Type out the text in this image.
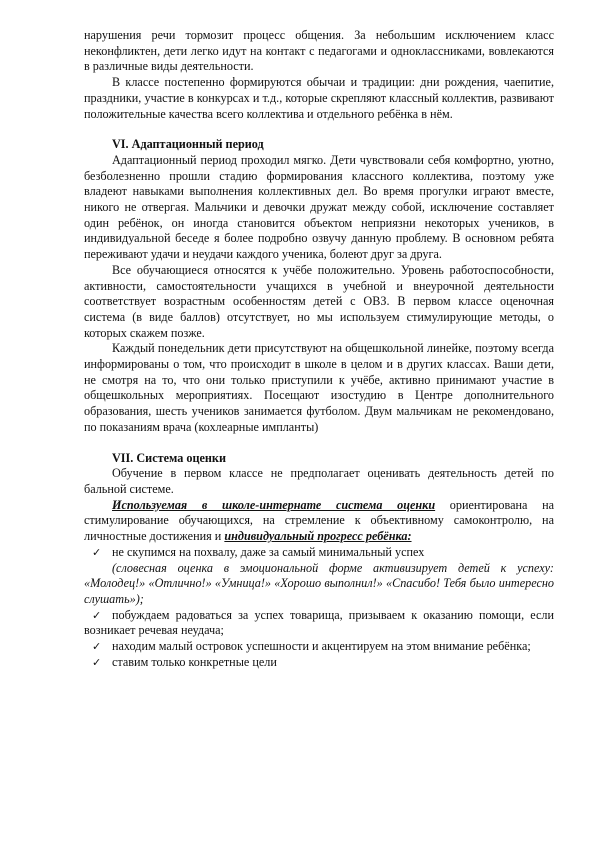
нарушения речи тормозит процесс общения. За небольшим исключением класс неконфликтен, дети легко идут на контакт с педагогами и одноклассниками, вовлекаются в различные виды деятельности.

В классе постепенно формируются обычаи и традиции: дни рождения, чаепитие, праздники, участие в конкурсах и т.д., которые скрепляют классный коллектив, развивают положительные качества всего коллектива и отдельного ребёнка в нём.

VI. Адаптационный период

Адаптационный период проходил мягко. Дети чувствовали себя комфортно, уютно, безболезненно прошли стадию формирования классного коллектива, поэтому уже владеют навыками выполнения коллективных дел. Во время прогулки играют вместе, никого не отвергая. Мальчики и девочки дружат между собой, исключение составляет один ребёнок, он иногда становится объектом неприязни некоторых учеников, в индивидуальной беседе я более подробно озвучу данную проблему. В основном ребята переживают удачи и неудачи каждого ученика, болеют друг за друга.

Все обучающиеся относятся к учёбе положительно. Уровень работоспособности, активности, самостоятельности учащихся в учебной и внеурочной деятельности соответствует возрастным особенностям детей с ОВЗ. В первом классе оценочная система (в виде баллов) отсутствует, но мы используем стимулирующие методы, о которых скажем позже.

Каждый понедельник дети присутствуют на общешкольной линейке, поэтому всегда информированы о том, что происходит в школе в целом и в других классах. Ваши дети, не смотря на то, что они только приступили к учёбе, активно принимают участие в общешкольных мероприятиях. Посещают изостудию в Центре дополнительного образования, шесть учеников занимается футболом. Двум мальчикам не рекомендовано, по показаниям врача (кохлеарные импланты)

VII. Система оценки

Обучение в первом классе не предполагает оценивать деятельность детей по бальной системе.

Используемая в школе-интернате система оценки ориентирована на стимулирование обучающихся, на стремление к объективному самоконтролю, на личностные достижения и индивидуальный прогресс ребёнка:

✓ не скупимся на похвалу, даже за самый минимальный успех

(словесная оценка в эмоциональной форме активизирует детей к успеху: «Молодец!» «Отлично!» «Умница!» «Хорошо выполнил!» «Спасибо! Тебя было интересно слушать»);

✓ побуждаем радоваться за успех товарища, призываем к оказанию помощи, если возникает речевая неудача;

✓ находим малый островок успешности и акцентируем на этом внимание ребёнка;

✓ ставим только конкретные цели
